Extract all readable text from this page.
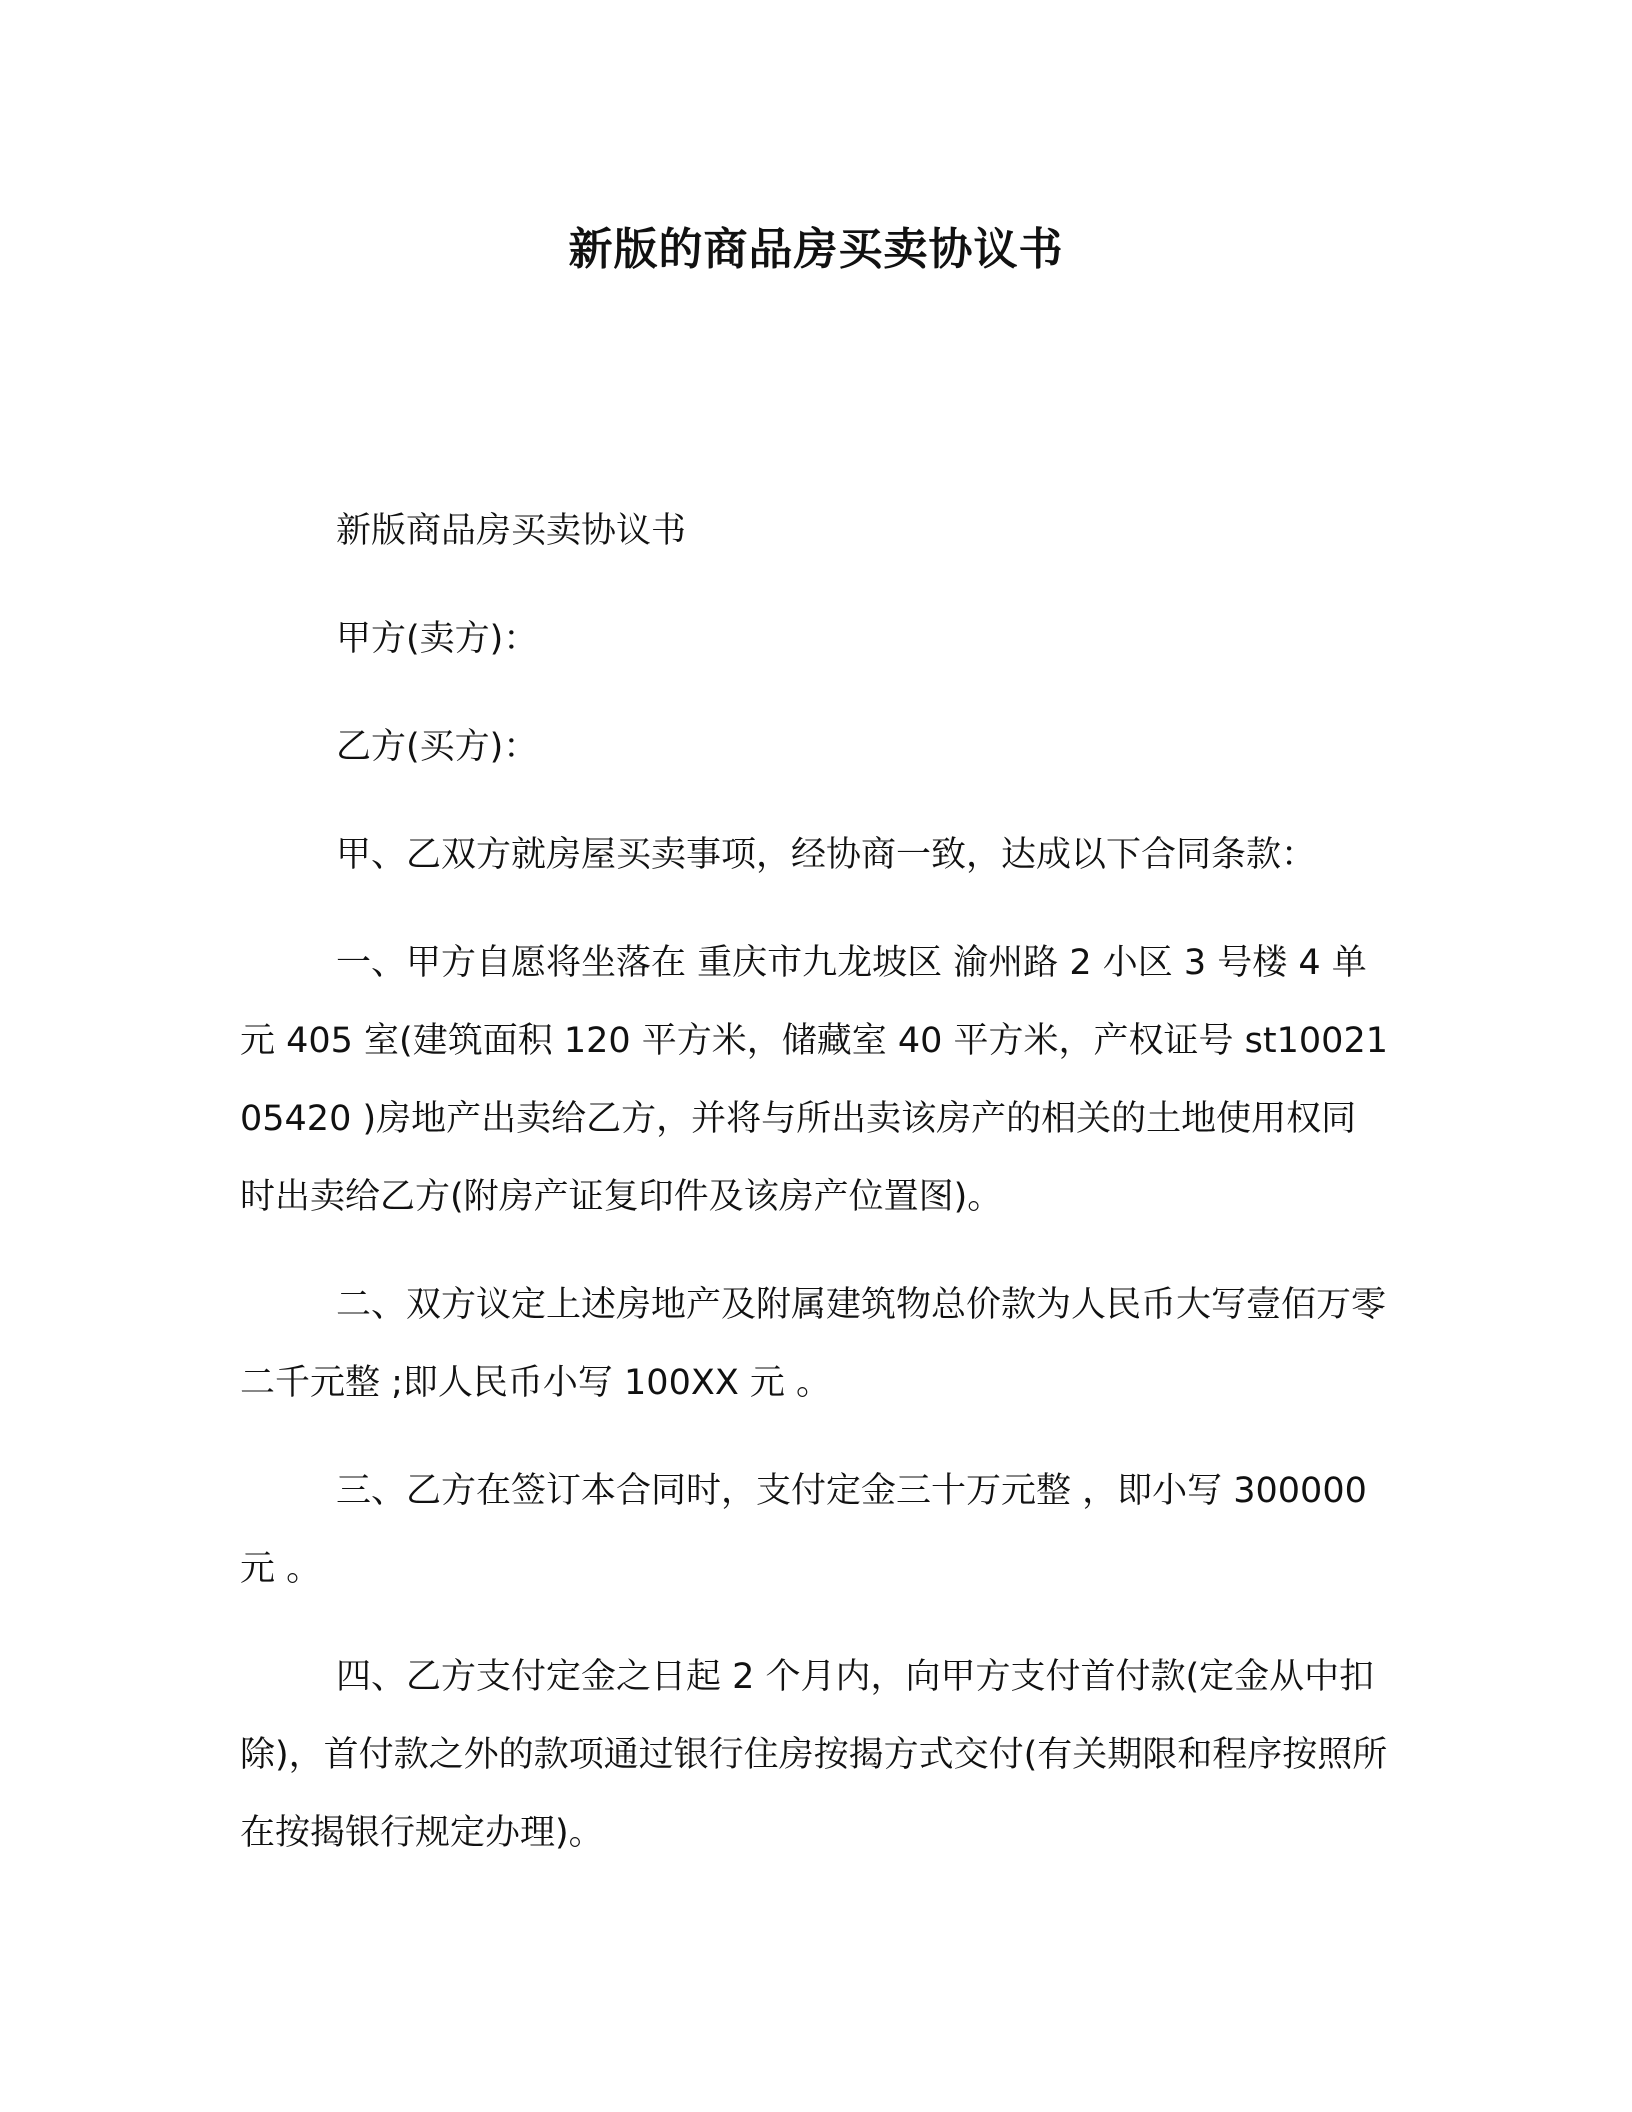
新版的商品房买卖协议书

新版商品房买卖协议书

甲方(卖方)：

乙方(买方)：

甲、乙双方就房屋买卖事项，经协商一致，达成以下合同条款：

一、甲方自愿将坐落在 重庆市九龙坡区 渝州路 2 小区 3 号楼 4 单元 405 室(建筑面积 120 平方米，储藏室 40 平方米，产权证号 st1002105420 )房地产出卖给乙方，并将与所出卖该房产的相关的土地使用权同时出卖给乙方(附房产证复印件及该房产位置图)。

二、双方议定上述房地产及附属建筑物总价款为人民币大写壹佰万零二千元整 ;即人民币小写 100XX 元 。

三、乙方在签订本合同时，支付定金三十万元整 ，即小写 300000 元 。

四、乙方支付定金之日起 2 个月内，向甲方支付首付款(定金从中扣除)，首付款之外的款项通过银行住房按揭方式交付(有关期限和程序按照所在按揭银行规定办理)。
